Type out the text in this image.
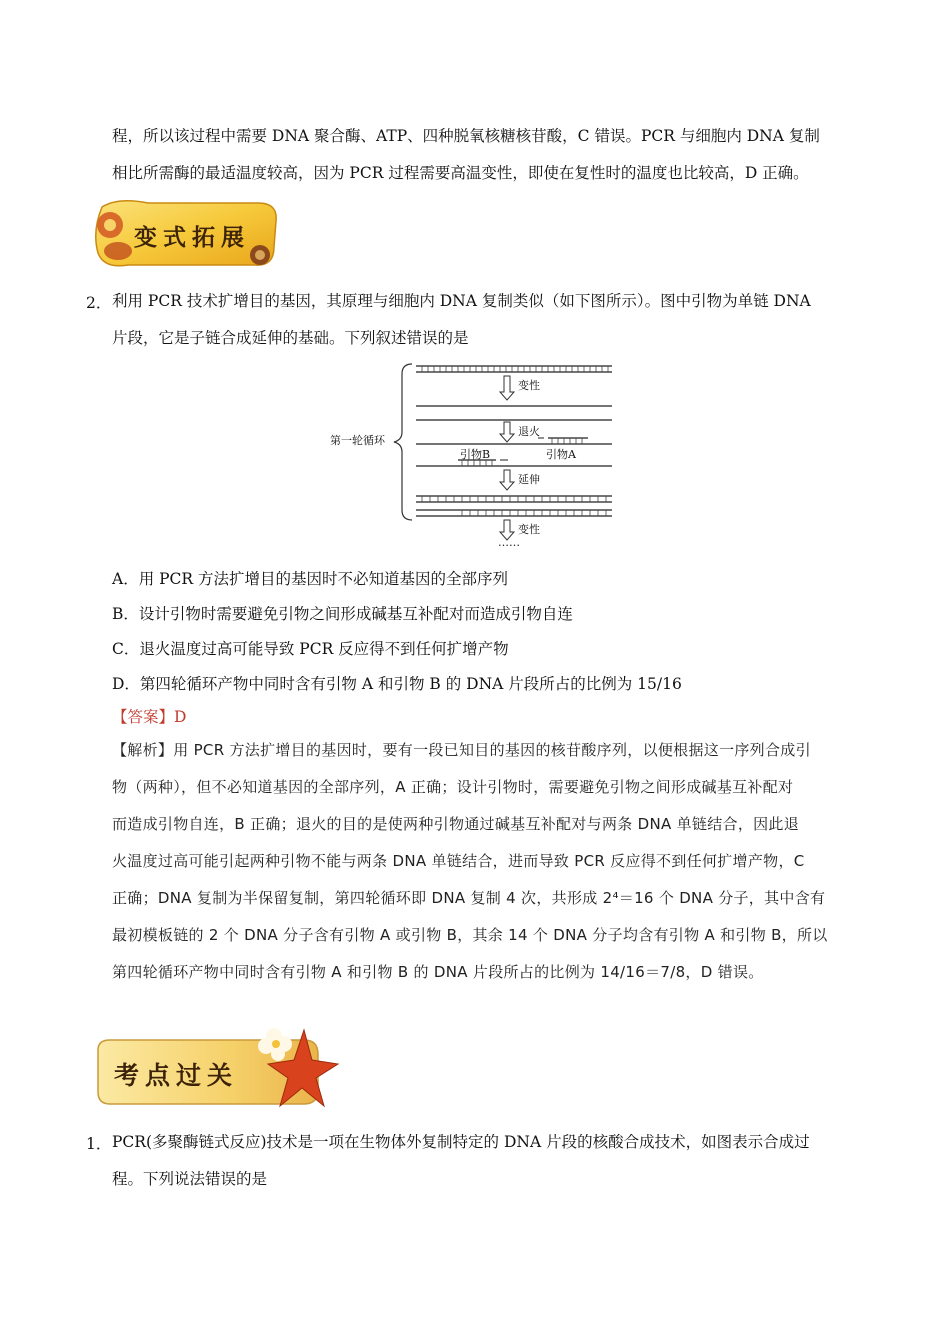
程，所以该过程中需要 DNA 聚合酶、ATP、四种脱氧核糖核苷酸，C 错误。PCR 与细胞内 DNA 复制
相比所需酶的最适温度较高，因为 PCR 过程需要高温变性，即使在复性时的温度也比较高，D 正确。
变式拓展
2． 利用 PCR 技术扩增目的基因，其原理与细胞内 DNA 复制类似（如下图所示）。图中引物为单链 DNA
片段，它是子链合成延伸的基础。下列叙述错误的是
第一轮循环
变性
退火
引物B	引物A
延伸
变性
……
A．用 PCR 方法扩增目的基因时不必知道基因的全部序列
B．设计引物时需要避免引物之间形成碱基互补配对而造成引物自连
C．退火温度过高可能导致 PCR 反应得不到任何扩增产物
D．第四轮循环产物中同时含有引物 A 和引物 B 的 DNA 片段所占的比例为 15/16
【答案】D
【解析】用 PCR 方法扩增目的基因时，要有一段已知目的基因的核苷酸序列，以便根据这一序列合成引
物（两种），但不必知道基因的全部序列，A 正确；设计引物时，需要避免引物之间形成碱基互补配对
而造成引物自连，B 正确；退火的目的是使两种引物通过碱基互补配对与两条 DNA 单链结合，因此退
火温度过高可能引起两种引物不能与两条 DNA 单链结合，进而导致 PCR 反应得不到任何扩增产物，C
正确；DNA 复制为半保留复制，第四轮循环即 DNA 复制 4 次，共形成 2⁴＝16 个 DNA 分子，其中含有
最初模板链的 2 个 DNA 分子含有引物 A 或引物 B，其余 14 个 DNA 分子均含有引物 A 和引物 B，所以
第四轮循环产物中同时含有引物 A 和引物 B 的 DNA 片段所占的比例为 14/16＝7/8，D 错误。
考点过关
1． PCR(多聚酶链式反应)技术是一项在生物体外复制特定的 DNA 片段的核酸合成技术，如图表示合成过
程。下列说法错误的是
